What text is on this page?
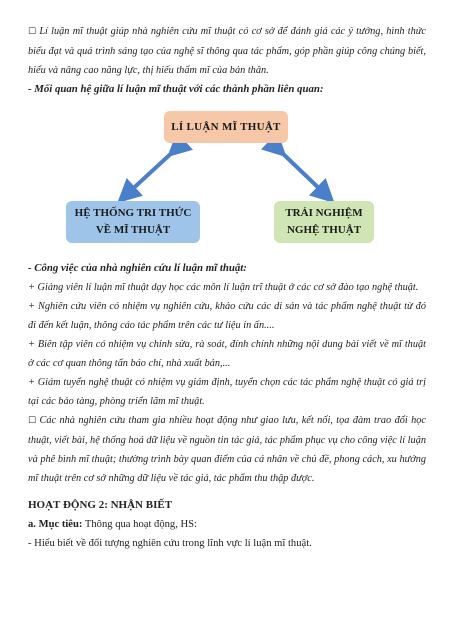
☐ Lí luận mĩ thuật giúp nhà nghiên cứu mĩ thuật có cơ sở để đánh giá các ý tưởng, hình thức biểu đạt và quá trình sáng tạo của nghệ sĩ thông qua tác phẩm, góp phần giúp công chúng biết, hiểu và nâng cao năng lực, thị hiếu thẩm mĩ của bản thân.

- Mối quan hệ giữa lí luận mĩ thuật với các thành phần liên quan:

LÍ LUẬN MĨ THUẬT
HỆ THỐNG TRI THỨC
VỀ MĨ THUẬT
TRẢI NGHIỆM
NGHỆ THUẬT

- Công việc của nhà nghiên cứu lí luận mĩ thuật:

+ Giảng viên lí luận mĩ thuật dạy học các môn lí luận trĩ thuật ở các cơ sở đào tạo nghệ thuật.

+ Nghiên cứu viên có nhiệm vụ nghiên cứu, khảo cứu các di sản và tác phẩm nghệ thuật từ đó đi đến kết luận, thông cáo tác phẩm trên các tư liệu in ấn....

+ Biên tập viên có nhiệm vụ chỉnh sửa, rà soát, đính chính những nội dung bài viết về mĩ thuật ở các cơ quan thông tấn báo chí, nhà xuất bản,...

+ Giám tuyển nghệ thuật có nhiệm vụ giám định, tuyển chọn các tác phẩm nghệ thuật có giá trị tại các bảo tàng, phòng triển lãm mĩ thuật.

☐ Các nhà nghiên cứu tham gia nhiều hoạt động như giao lưu, kết nối, tọa đàm trao đổi học thuật, viết bài, hệ thống hoá dữ liệu về nguồn tin tác giả, tác phẩm phục vụ cho công việc lí luận và phê bình mĩ thuật; thường trình bày quan điểm của cá nhân về chủ đề, phong cách, xu hướng mĩ thuật trên cơ sở những dữ liệu về tác giả, tác phẩm thu thập được.

HOẠT ĐỘNG 2: NHẬN BIẾT

a. Mục tiêu: Thông qua hoạt động, HS:

- Hiểu biết về đối tượng nghiên cứu trong lĩnh vực lí luận mĩ thuật.
